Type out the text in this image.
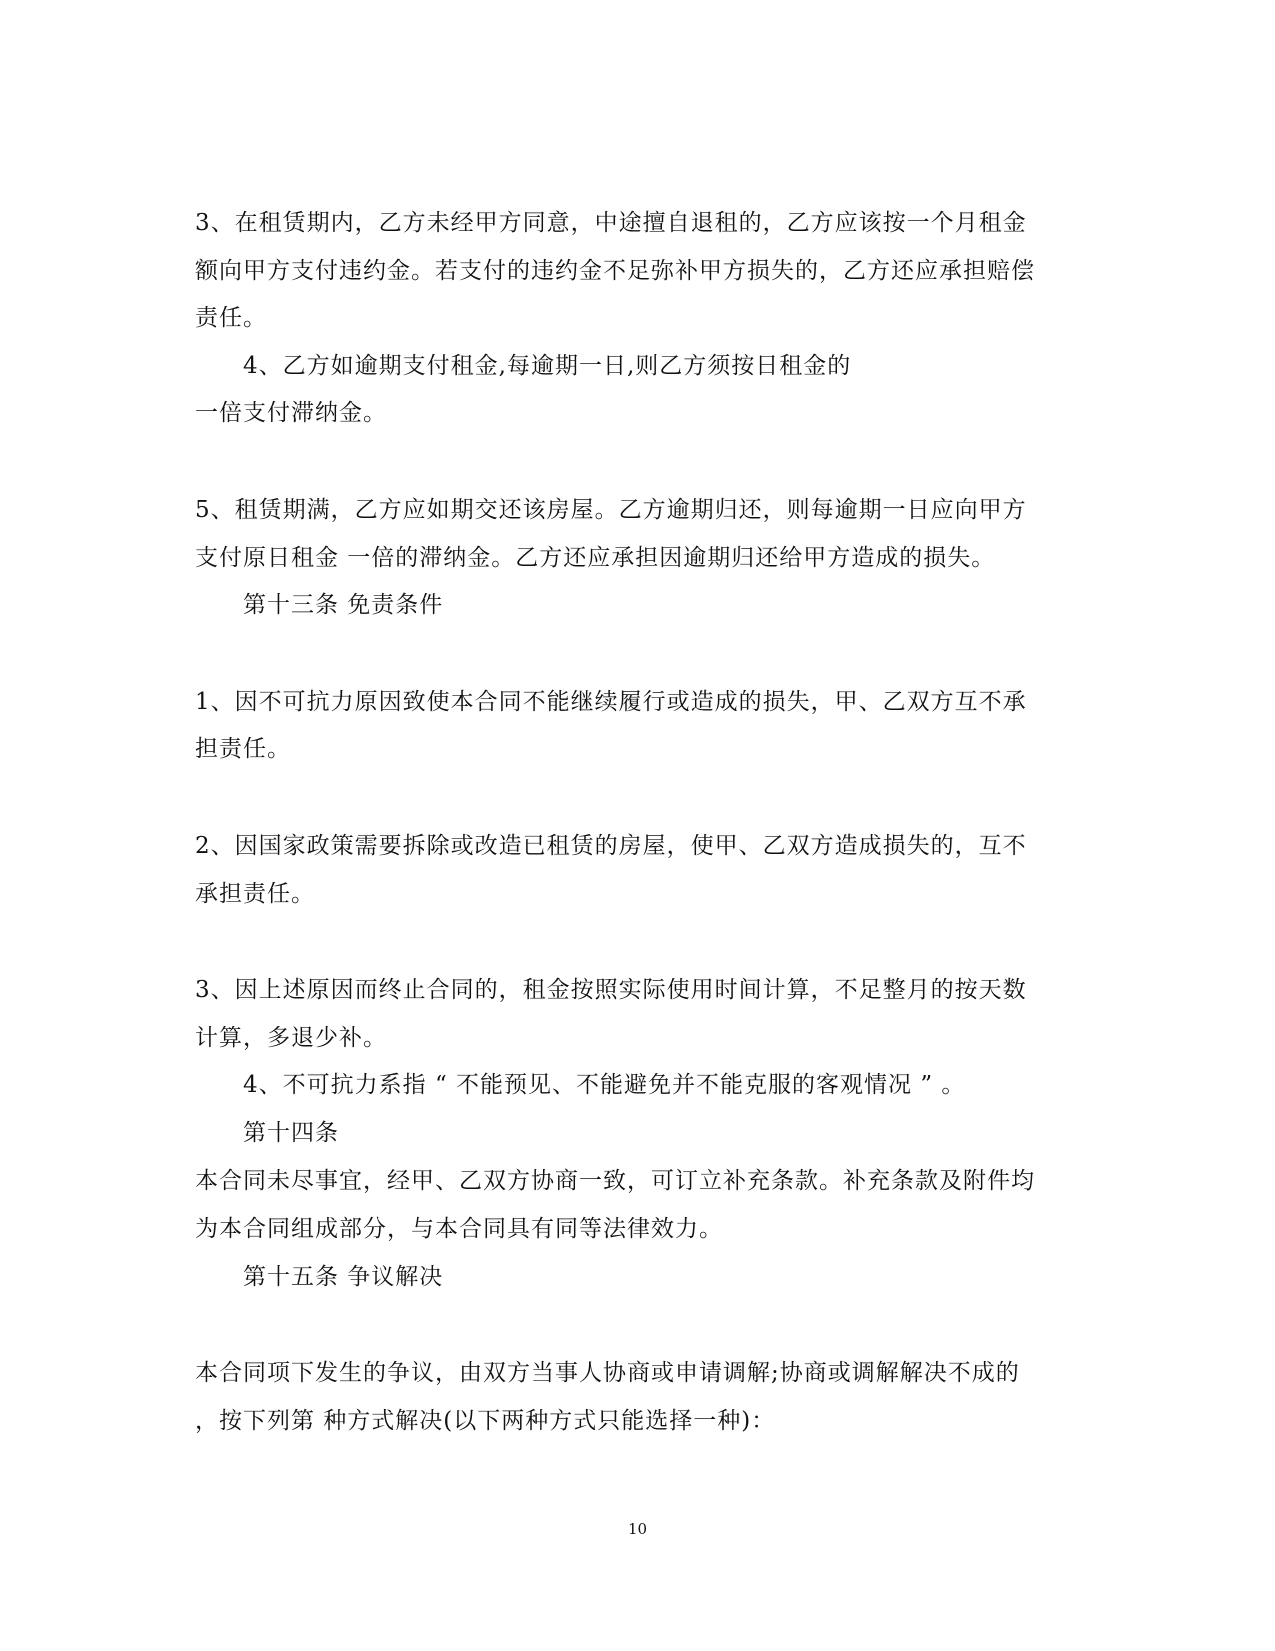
3、在租赁期内，乙方未经甲方同意，中途擅自退租的，乙方应该按一个月租金
额向甲方支付违约金。若支付的违约金不足弥补甲方损失的，乙方还应承担赔偿
责任。
4、乙方如逾期支付租金,每逾期一日,则乙方须按日租金的
一倍支付滞纳金。
5、租赁期满，乙方应如期交还该房屋。乙方逾期归还，则每逾期一日应向甲方
支付原日租金 一倍的滞纳金。乙方还应承担因逾期归还给甲方造成的损失。
第十三条 免责条件
1、因不可抗力原因致使本合同不能继续履行或造成的损失，甲、乙双方互不承
担责任。
2、因国家政策需要拆除或改造已租赁的房屋，使甲、乙双方造成损失的，互不
承担责任。
3、因上述原因而终止合同的，租金按照实际使用时间计算，不足整月的按天数
计算，多退少补。
4、不可抗力系指 “ 不能预见、不能避免并不能克服的客观情况 ” 。
第十四条
本合同未尽事宜，经甲、乙双方协商一致，可订立补充条款。补充条款及附件均
为本合同组成部分，与本合同具有同等法律效力。
第十五条 争议解决
本合同项下发生的争议，由双方当事人协商或申请调解;协商或调解解决不成的
，按下列第 种方式解决(以下两种方式只能选择一种)：
10
